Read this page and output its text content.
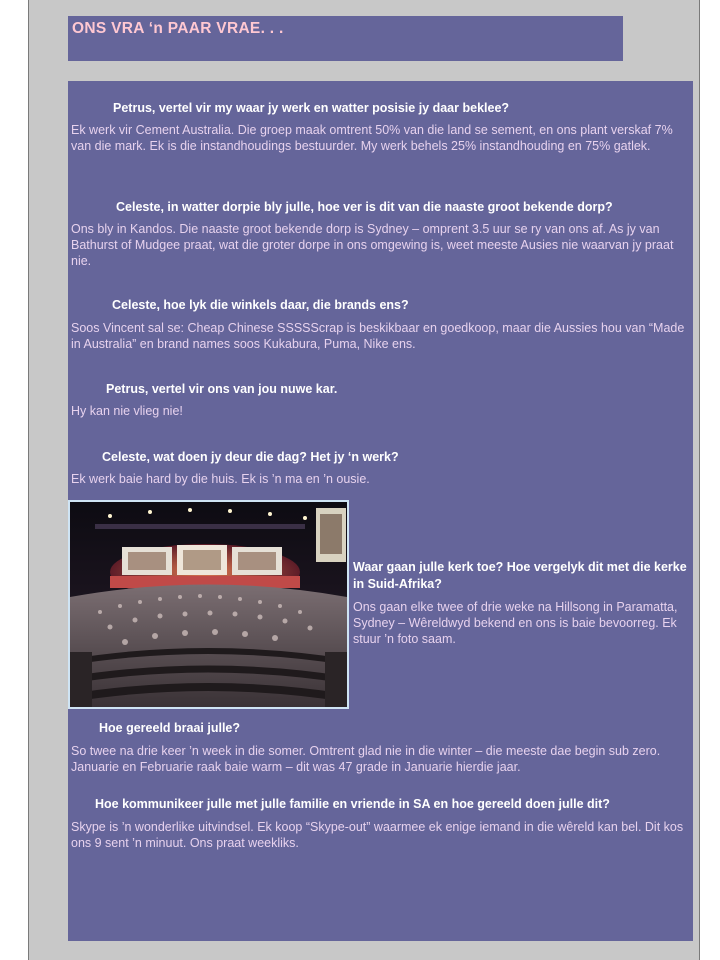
ONS VRA ‘n PAAR VRAE. . .
Petrus, vertel vir my waar jy werk en watter posisie jy daar beklee?
Ek werk vir Cement Australia. Die groep maak omtrent 50% van die land se sement, en ons plant verskaf 7% van die mark. Ek is die instandhoudings bestuurder. My werk behels 25% instandhouding en 75% gatlek.
Celeste, in watter dorpie bly julle, hoe ver is dit van die naaste groot bekende dorp?
Ons bly in Kandos. Die naaste groot bekende dorp is Sydney – omprent 3.5 uur se ry van ons af. As jy van Bathurst of Mudgee praat, wat die groter dorpe in ons omgewing is, weet meeste Ausies nie waarvan jy praat nie.
Celeste, hoe lyk die winkels daar, die brands ens?
Soos Vincent sal se: Cheap Chinese SSSSScrap is beskikbaar en goedkoop, maar die Aussies hou van “Made in Australia” en brand names soos Kukabura, Puma, Nike ens.
Petrus, vertel vir ons van jou nuwe kar.
Hy kan nie vlieg nie!
Celeste, wat doen jy deur die dag? Het jy ‘n werk?
Ek werk baie hard by die huis. Ek is ’n ma en ’n ousie.
Waar gaan julle kerk toe? Hoe vergelyk dit met die kerke in Suid-Afrika?
Ons gaan elke twee of drie weke na Hillsong in Paramatta, Sydney – Wêreldwyd bekend en ons is baie bevoorreg. Ek stuur ’n foto saam.
Hoe gereeld braai julle?
So twee na drie keer ’n week in die somer. Omtrent glad nie in die winter – die meeste dae begin sub zero. Januarie en Februarie raak baie warm – dit was 47 grade in Januarie hierdie jaar.
Hoe kommunikeer julle met julle familie en vriende in SA en hoe gereeld doen julle dit?
Skype is ’n wonderlike uitvindsel. Ek koop “Skype-out” waarmee ek enige iemand in die wêreld kan bel. Dit kos ons 9 sent ’n minuut. Ons praat weekliks.
